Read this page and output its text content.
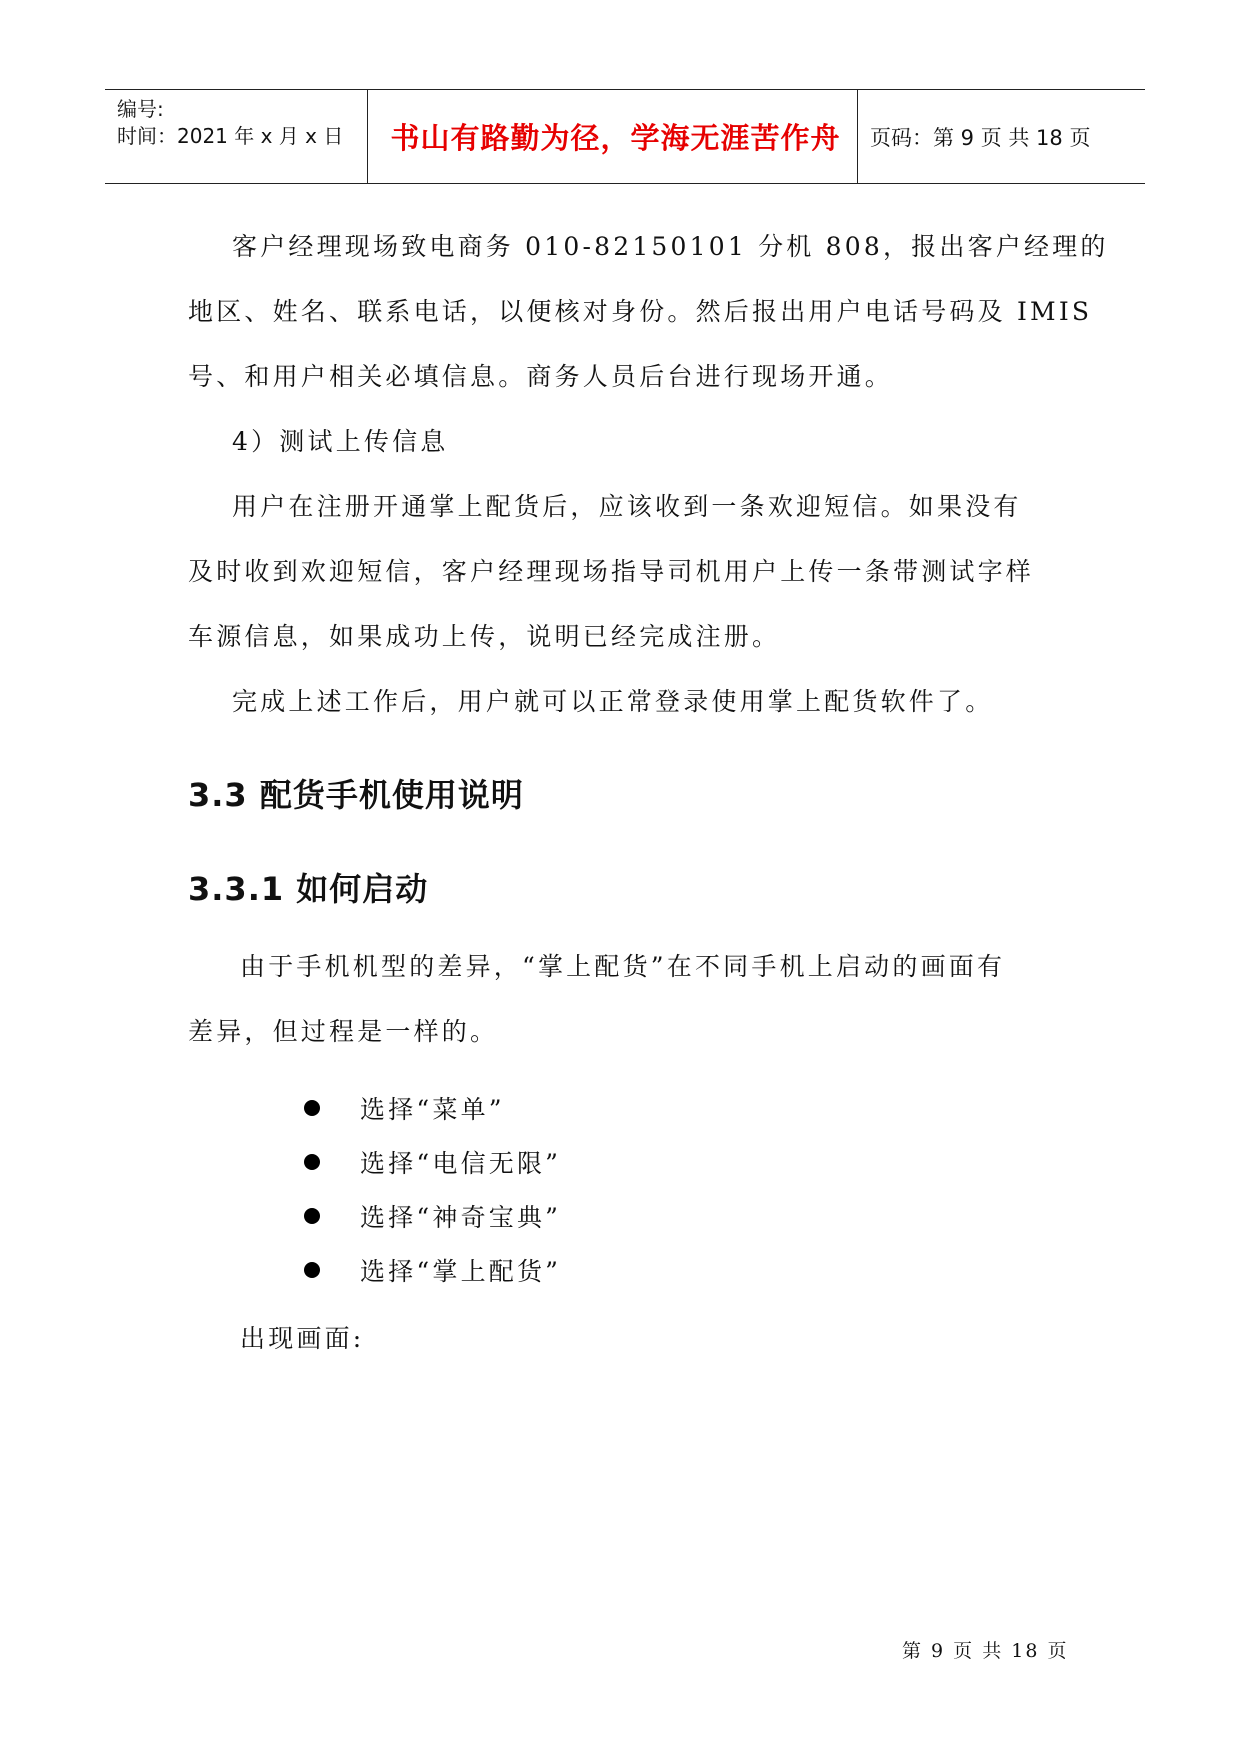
编号:
时间：2021 年 x 月 x 日 书山有路勤为径，学海无涯苦作舟 页码：第 9 页 共 18 页
客户经理现场致电商务 010-82150101 分机 808，报出客户经理的
地区、姓名、联系电话，以便核对身份。然后报出用户电话号码及 IMIS
号、和用户相关必填信息。商务人员后台进行现场开通。
4）测试上传信息
用户在注册开通掌上配货后，应该收到一条欢迎短信。如果没有
及时收到欢迎短信，客户经理现场指导司机用户上传一条带测试字样
车源信息，如果成功上传，说明已经完成注册。
完成上述工作后，用户就可以正常登录使用掌上配货软件了。
3.3 配货手机使用说明
3.3.1 如何启动
由于手机机型的差异，“掌上配货”在不同手机上启动的画面有
差异，但过程是一样的。
选择“菜单”
选择“电信无限”
选择“神奇宝典”
选择“掌上配货”
出现画面:
第 9 页 共 18 页
